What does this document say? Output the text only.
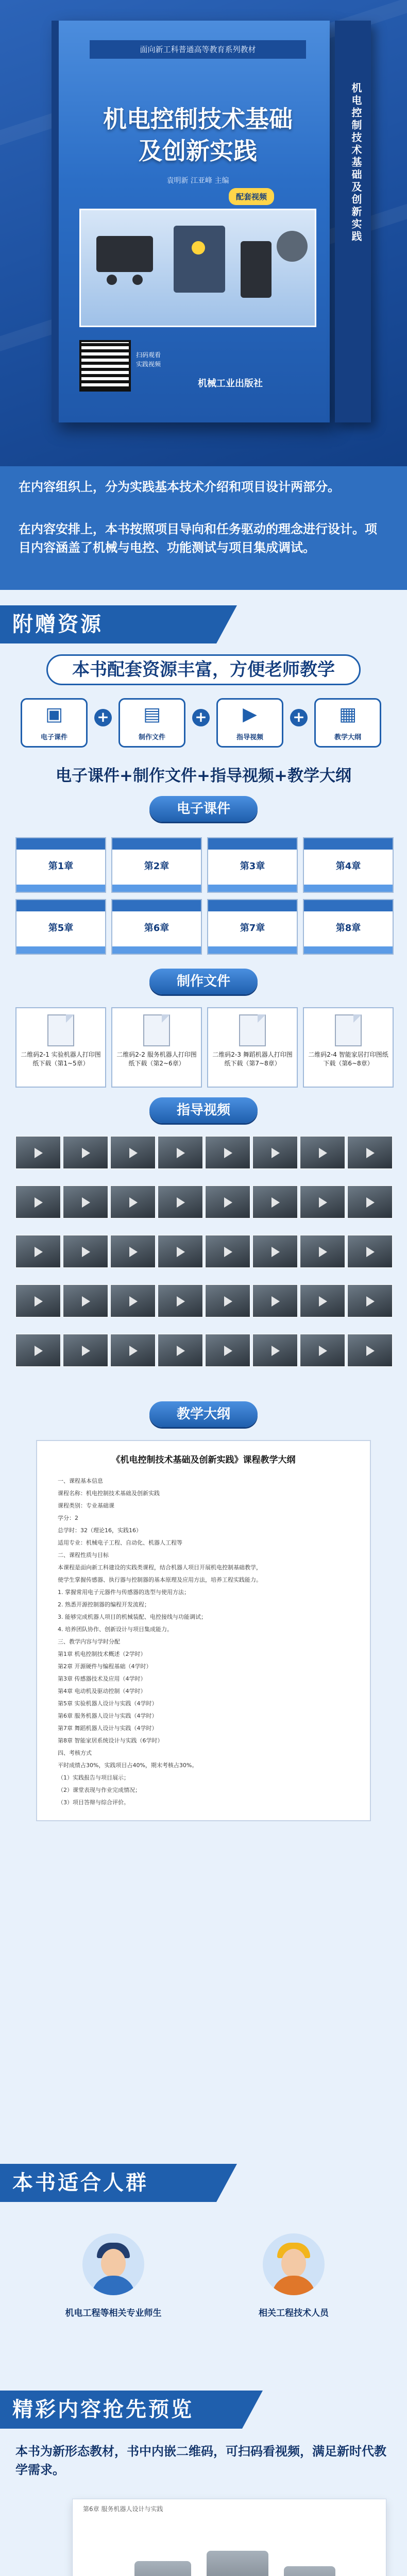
面向新工科普通高等教育系列教材
机电控制技术基础
及创新实践
袁明新 江亚峰 主编
配套视频
扫码观看
实践视频
机械工业出版社
机电控制技术基础及创新实践
在内容组织上，分为实践基本技术介绍和项目设计两部分。
在内容安排上，本书按照项目导向和任务驱动的理念进行设计。项目内容涵盖了机械与电控、功能测试与项目集成调试。
附赠资源
本书配套资源丰富，方便老师教学
▣
电子课件
+	▤
制作文件
+	▶
指导视频
+	▦
教学大纲
电子课件+制作文件+指导视频+教学大纲
电子课件
第1章	第2章	第3章	第4章
第5章	第6章	第7章	第8章
制作文件
二维码2-1 实验机器人打印图纸下载（第1~5章）
二维码2-2 服务机器人打印图纸下载（第2~6章）
二维码2-3 舞蹈机器人打印图纸下载（第7~8章）
二维码2-4 智能家居打印图纸下载（第6~8章）
指导视频
教学大纲
《机电控制技术基础及创新实践》课程教学大纲
一、课程基本信息
课程名称：机电控制技术基础及创新实践
课程类别：专业基础课
学分：2
总学时：32（理论16，实践16）
适用专业：机械电子工程、自动化、机器人工程等
二、课程性质与目标
本课程是面向新工科建设的实践类课程，结合机器人项目开展机电控制基础教学，
使学生掌握传感器、执行器与控制器的基本原理及应用方法，培养工程实践能力。
1. 掌握常用电子元器件与传感器的选型与使用方法；
2. 熟悉开源控制器的编程开发流程；
3. 能够完成机器人项目的机械装配、电控接线与功能调试；
4. 培养团队协作、创新设计与项目集成能力。
三、教学内容与学时分配
第1章 机电控制技术概述（2学时）
第2章 开源硬件与编程基础（4学时）
第3章 传感器技术及应用（4学时）
第4章 电动机及驱动控制（4学时）
第5章 实验机器人设计与实践（4学时）
第6章 服务机器人设计与实践（4学时）
第7章 舞蹈机器人设计与实践（4学时）
第8章 智能家居系统设计与实践（6学时）
四、考核方式
平时成绩占30%，实践项目占40%，期末考核占30%。
（1）实践报告与项目展示；
（2）课堂表现与作业完成情况；
（3）项目答辩与综合评价。
本书适合人群
机电工程等相关专业师生	相关工程技术人员
精彩内容抢先预览
本书为新形态教材，书中内嵌二维码，可扫码看视频，满足新时代教学需求。
第6章 服务机器人设计与实践
